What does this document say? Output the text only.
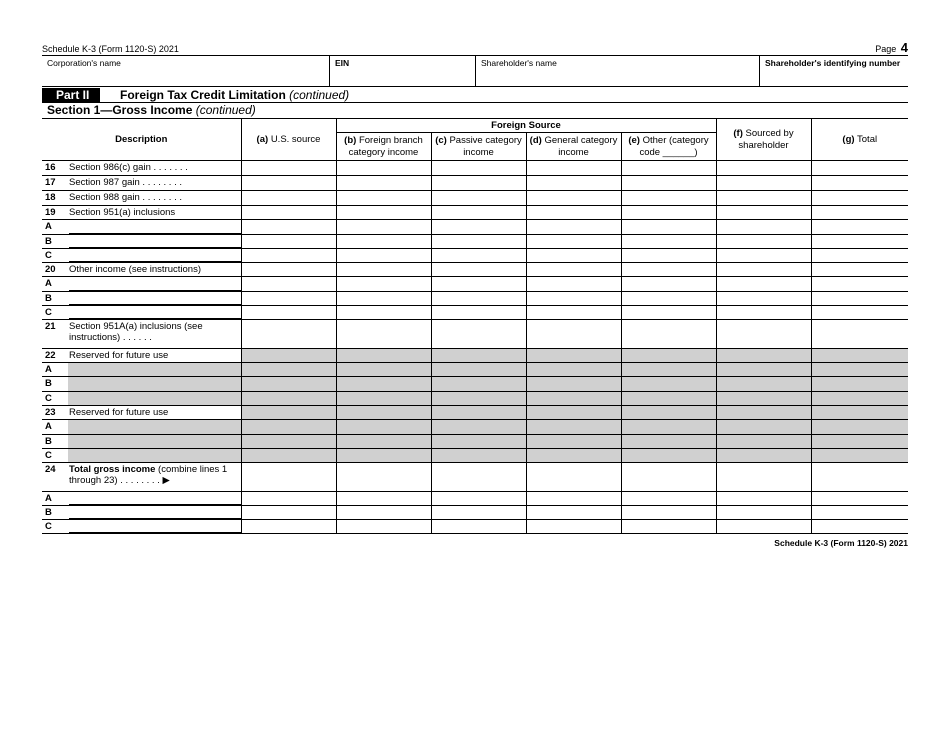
Schedule K-3 (Form 1120-S) 2021	Page 4
Corporation's name	EIN	Shareholder's name	Shareholder's identifying number
Part II	Foreign Tax Credit Limitation (continued)
Section 1—Gross Income (continued)
Description	(a) U.S. source	Foreign Source				(f) Sourced by shareholder	(g) Total
		(b) Foreign branch category income	(c) Passive category income	(d) General category income	(e) Other (category code ______)		

16 Section 986(c) gain . . . . . . .							

17 Section 987 gain . . . . . . . .							

18 Section 988 gain . . . . . . . .							

19 Section 951(a) inclusions							

A							

B							

C							

20 Other income (see instructions)							

A							

B							

C							

21 Section 951A(a) inclusions (see instructions) . . . . . .							

22 Reserved for future use							

A							

B							

C							

23 Reserved for future use							

A							

B							

C							

24 Total gross income (combine lines 1 through 23) . . . . . . . . ▶							

A							

B							

C							

Schedule K-3 (Form 1120-S) 2021
